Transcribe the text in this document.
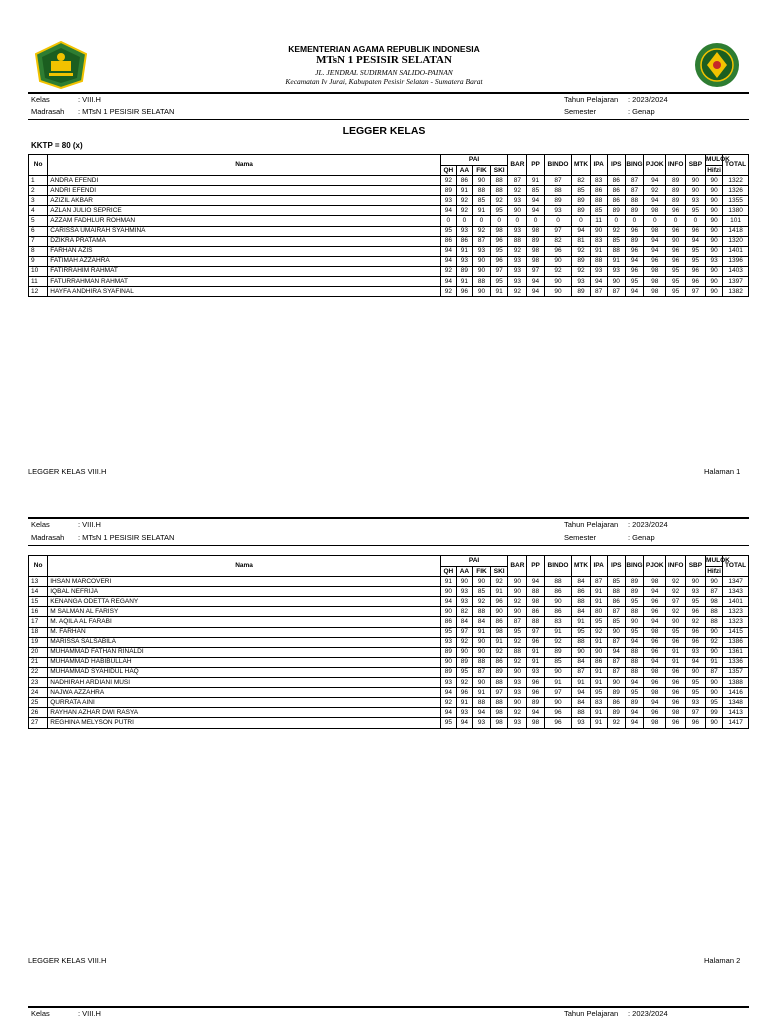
KEMENTERIAN AGAMA REPUBLIK INDONESIA
MTsN 1 PESISIR SELATAN
JL. JENDRAL SUDIRMAN SALIDO-PAINAN
Kecamatan Iv Jurai, Kabupaten Pesisir Selatan - Sumatera Barat
Kelas	: VIII.H
Madrasah : MTsN 1 PESISIR SELATAN
Tahun Pelajaran : 2023/2024
Semester	: Genap
LEGGER KELAS
KKTP = 80 (x)
No	Nama	PAI				BAR	PP	BINDO	MTK	IPA	IPS	BING	PJOK	INFO	SBP	MULOK	TOTAL
		QH	AA	FIK	SKI											Hifzi	
1	ANDRA EFENDI	92	86	90	88	87	91	87	82	83	86	87	94	89	90	90	1322
2	ANDRI EFENDI	89	91	88	88	92	85	88	85	86	86	87	92	89	90	90	1326
3	AZIZIL AKBAR	93	92	85	92	93	94	89	89	88	86	88	94	89	93	90	1355
4	AZLAN JULIO SEPRICE	94	92	91	95	90	94	93	89	85	89	89	98	96	95	90	1380
5	AZZAM FADHLUR ROHMAN	0	0	0	0	0	0	0	0	11	0	0	0	0	0	90	101
6	CARISSA UMAIRAH SYAHMINA	95	93	92	98	93	98	97	94	90	92	96	98	96	96	90	1418
7	DZIKRA PRATAMA	86	86	87	96	88	89	82	81	83	85	89	94	90	94	90	1320
8	FARHAN AZIS	94	91	93	95	92	98	96	92	91	88	96	94	96	95	90	1401
9	FATIMAH AZZAHRA	94	93	90	96	93	98	90	89	88	91	94	96	96	95	93	1396
10	FATIRRAHIM RAHMAT	92	89	90	97	93	97	92	92	93	93	96	98	95	96	90	1403
11	FATURRAHMAN RAHMAT	94	91	88	95	93	94	90	93	94	90	95	98	95	96	90	1397
12	HAYFA ANDHIRA SYAFINAL	92	96	90	91	92	94	90	89	87	87	94	98	95	97	90	1382
LEGGER KELAS VIII.H	Halaman 1
Kelas	: VIII.H
Madrasah : MTsN 1 PESISIR SELATAN
Tahun Pelajaran : 2023/2024
Semester	: Genap
No	Nama	PAI				BAR	PP	BINDO	MTK	IPA	IPS	BING	PJOK	INFO	SBP	MULOK	TOTAL
		QH	AA	FIK	SKI											Hifzi	
13	IHSAN MARCOVERI	91	90	90	92	90	94	88	84	87	85	89	98	92	90	90	1347
14	IQBAL NEFRIJA	90	93	85	91	90	88	86	86	91	88	89	94	92	93	87	1343
15	KENANGA ODETTA REGANY	94	93	92	96	92	98	90	88	91	86	95	96	97	95	98	1401
16	M SALMAN AL FARISY	90	82	88	90	90	86	86	84	80	87	88	96	92	96	88	1323
17	M. AQILA AL FARABI	86	84	84	86	87	88	83	91	95	85	90	94	90	92	88	1323
18	M. FARHAN	95	97	91	98	95	97	91	95	92	90	95	98	95	96	90	1415
19	MARISSA SALSABILA	93	92	90	91	92	96	92	88	91	87	94	96	96	96	92	1386
20	MUHAMMAD FATHAN RINALDI	89	90	90	92	88	91	89	90	90	94	88	96	91	93	90	1361
21	MUHAMMAD HABIBULLAH	90	89	88	86	92	91	85	84	86	87	88	94	91	94	91	1336
22	MUHAMMAD SYAHIDUL HAQ	89	95	87	89	90	93	90	87	91	87	88	98	96	90	87	1357
23	NADHIRAH ARDIANI MUSI	93	92	90	88	93	96	91	91	91	90	94	96	96	95	90	1388
24	NAJWA AZZAHRA	94	96	91	97	93	96	97	94	95	89	95	98	96	95	90	1416
25	QURRATA AINI	92	91	88	88	90	89	90	84	83	86	89	94	96	93	95	1348
26	RAYHAN AZHAR DWI RASYA	94	93	94	98	92	94	96	88	91	89	94	96	98	97	99	1413
27	REGHINA MELYSON PUTRI	95	94	93	98	93	98	96	93	91	92	94	98	96	96	90	1417
LEGGER KELAS VIII.H	Halaman 2
Kelas	: VIII.H	Tahun Pelajaran : 2023/2024
